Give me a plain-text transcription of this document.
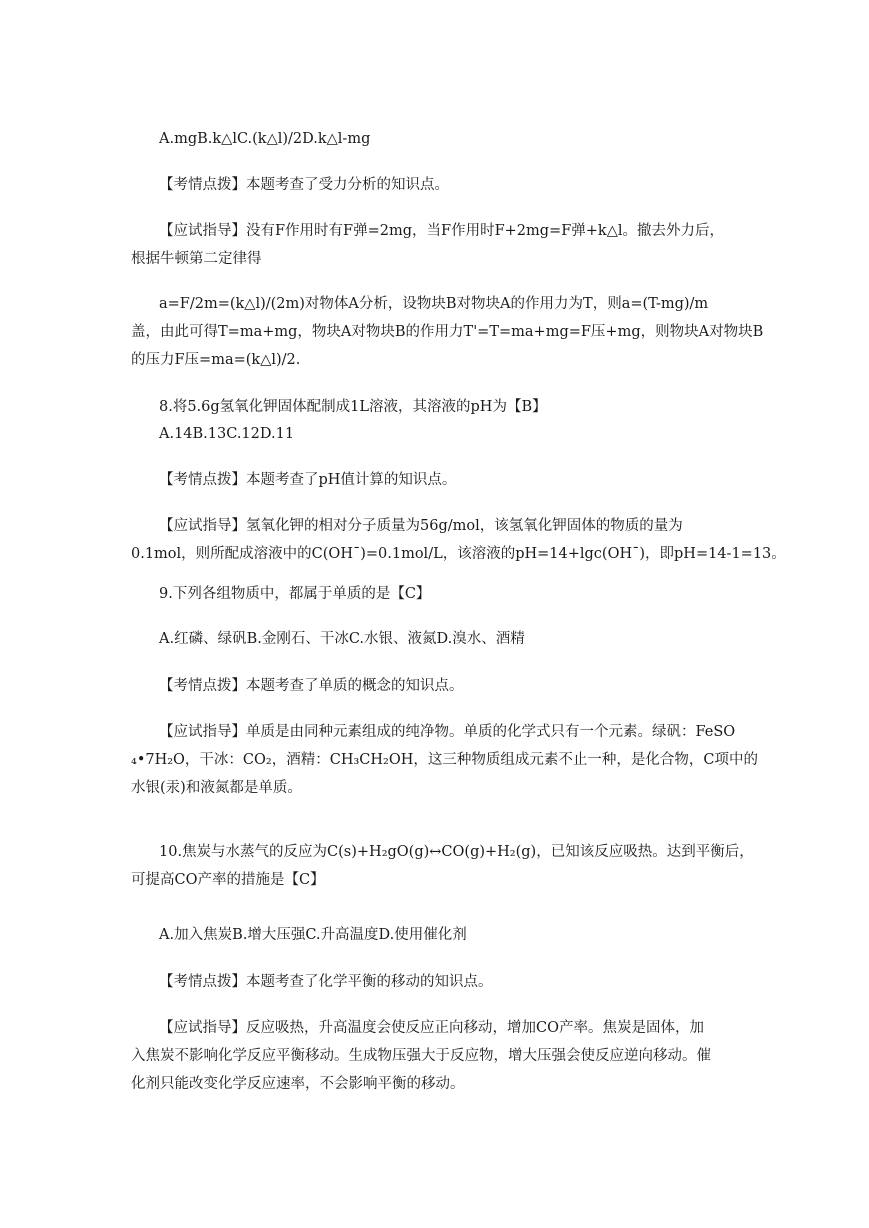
A.mgB.k△lC.(k△l)/2D.k△l-mg
【考情点拨】本题考查了受力分析的知识点。
【应试指导】没有F作用时有F弹=2mg，当F作用时F+2mg=F弹+k△l。撤去外力后，
根据牛顿第二定律得
a=F/2m=(k△l)/(2m)对物体A分析，设物块B对物块A的作用力为T，则a=(T-mg)/m
盖，由此可得T=ma+mg，物块A对物块B的作用力T'=T=ma+mg=F压+mg，则物块A对物块B
的压力F压=ma=(k△l)/2.
8.将5.6g氢氧化钾固体配制成1L溶液，其溶液的pH为【B】
A.14B.13C.12D.11
【考情点拨】本题考查了pH值计算的知识点。
【应试指导】氢氧化钾的相对分子质量为56g/mol，该氢氧化钾固体的物质的量为
0.1mol，则所配成溶液中的C(OH¯)=0.1mol/L，该溶液的pH=14+lgc(OH¯)，即pH=14-1=13。
9.下列各组物质中，都属于单质的是【C】
A.红磷、绿矾B.金刚石、干冰C.水银、液氮D.溴水、酒精
【考情点拨】本题考查了单质的概念的知识点。
【应试指导】单质是由同种元素组成的纯净物。单质的化学式只有一个元素。绿矾：FeSO
₄•7H₂O，干冰：CO₂，酒精：CH₃CH₂OH，这三种物质组成元素不止一种，是化合物，C项中的
水银(汞)和液氮都是单质。
10.焦炭与水蒸气的反应为C(s)+H₂gO(g)↔CO(g)+H₂(g)，已知该反应吸热。达到平衡后，
可提高CO产率的措施是【C】
A.加入焦炭B.增大压强C.升高温度D.使用催化剂
【考情点拨】本题考查了化学平衡的移动的知识点。
【应试指导】反应吸热，升高温度会使反应正向移动，增加CO产率。焦炭是固体，加
入焦炭不影响化学反应平衡移动。生成物压强大于反应物，增大压强会使反应逆向移动。催
化剂只能改变化学反应速率，不会影响平衡的移动。
